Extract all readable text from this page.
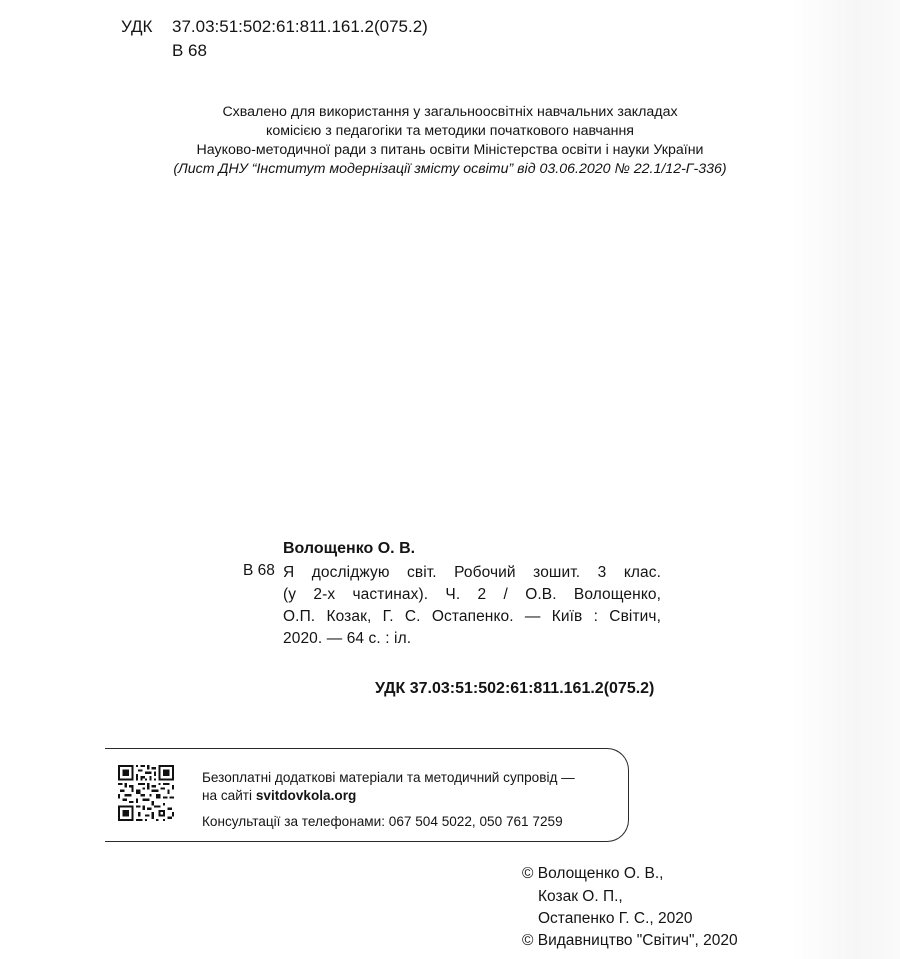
УДК 37.03:51:502:61:811.161.2(075.2)

В 68

Схвалено для використання у загальноосвітніх навчальних закладах
комісією з педагогіки та методики початкового навчання
Науково-методичної ради з питань освіти Міністерства освіти і науки України
(Лист ДНУ “Інститут модернізації змісту освіти” від 03.06.2020 № 22.1/12-Г-336)

Волощенко О. В.

В 68 Я досліджую світ. Робочий зошит. 3 клас.
(у 2-х частинах). Ч. 2 / О.В. Волощенко,
О.П. Козак, Г. С. Остапенко. — Київ : Світич,
2020. — 64 с. : іл.

УДК 37.03:51:502:61:811.161.2(075.2)

Безоплатні додаткові матеріали та методичний супровід —

на сайті svitdovkola.org

Консультації за телефонами: 067 504 5022, 050 761 7259

© Волощенко О. В.,

Козак О. П.,

Остапенко Г. С., 2020

© Видавництво "Світич", 2020
